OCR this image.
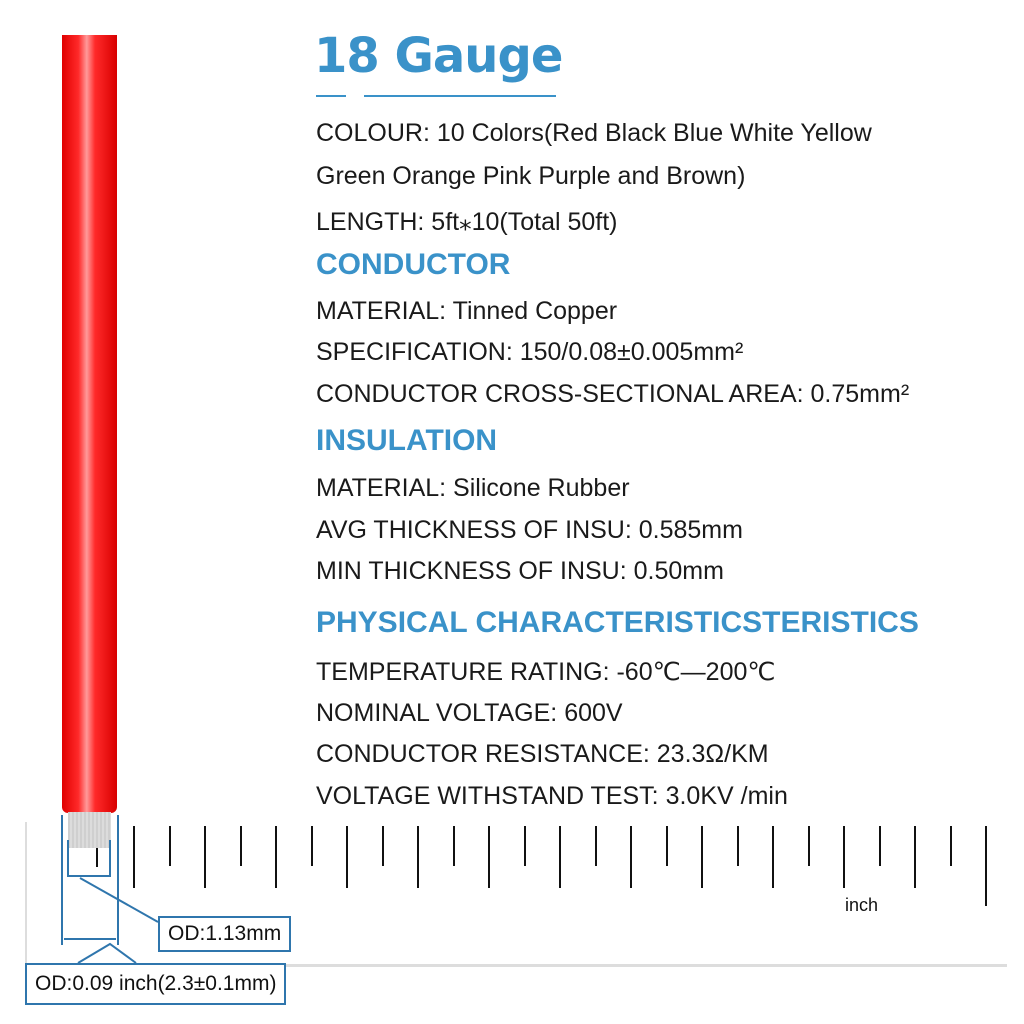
18 Gauge
COLOUR: 10 Colors(Red Black Blue White Yellow
Green Orange Pink Purple and Brown)
LENGTH: 5ft⁎10(Total 50ft)
CONDUCTOR
MATERIAL: Tinned Copper
SPECIFICATION: 150/0.08±0.005mm²
CONDUCTOR CROSS-SECTIONAL AREA: 0.75mm²
INSULATION
MATERIAL: Silicone Rubber
AVG THICKNESS OF INSU: 0.585mm
MIN THICKNESS OF INSU: 0.50mm
PHYSICAL CHARACTERISTICSTERISTICS
TEMPERATURE RATING: -60℃—200℃
NOMINAL VOLTAGE: 600V
CONDUCTOR RESISTANCE: 23.3Ω/KM
VOLTAGE WITHSTAND TEST: 3.0KV /min
inch
OD:1.13mm
OD:0.09 inch(2.3±0.1mm)
